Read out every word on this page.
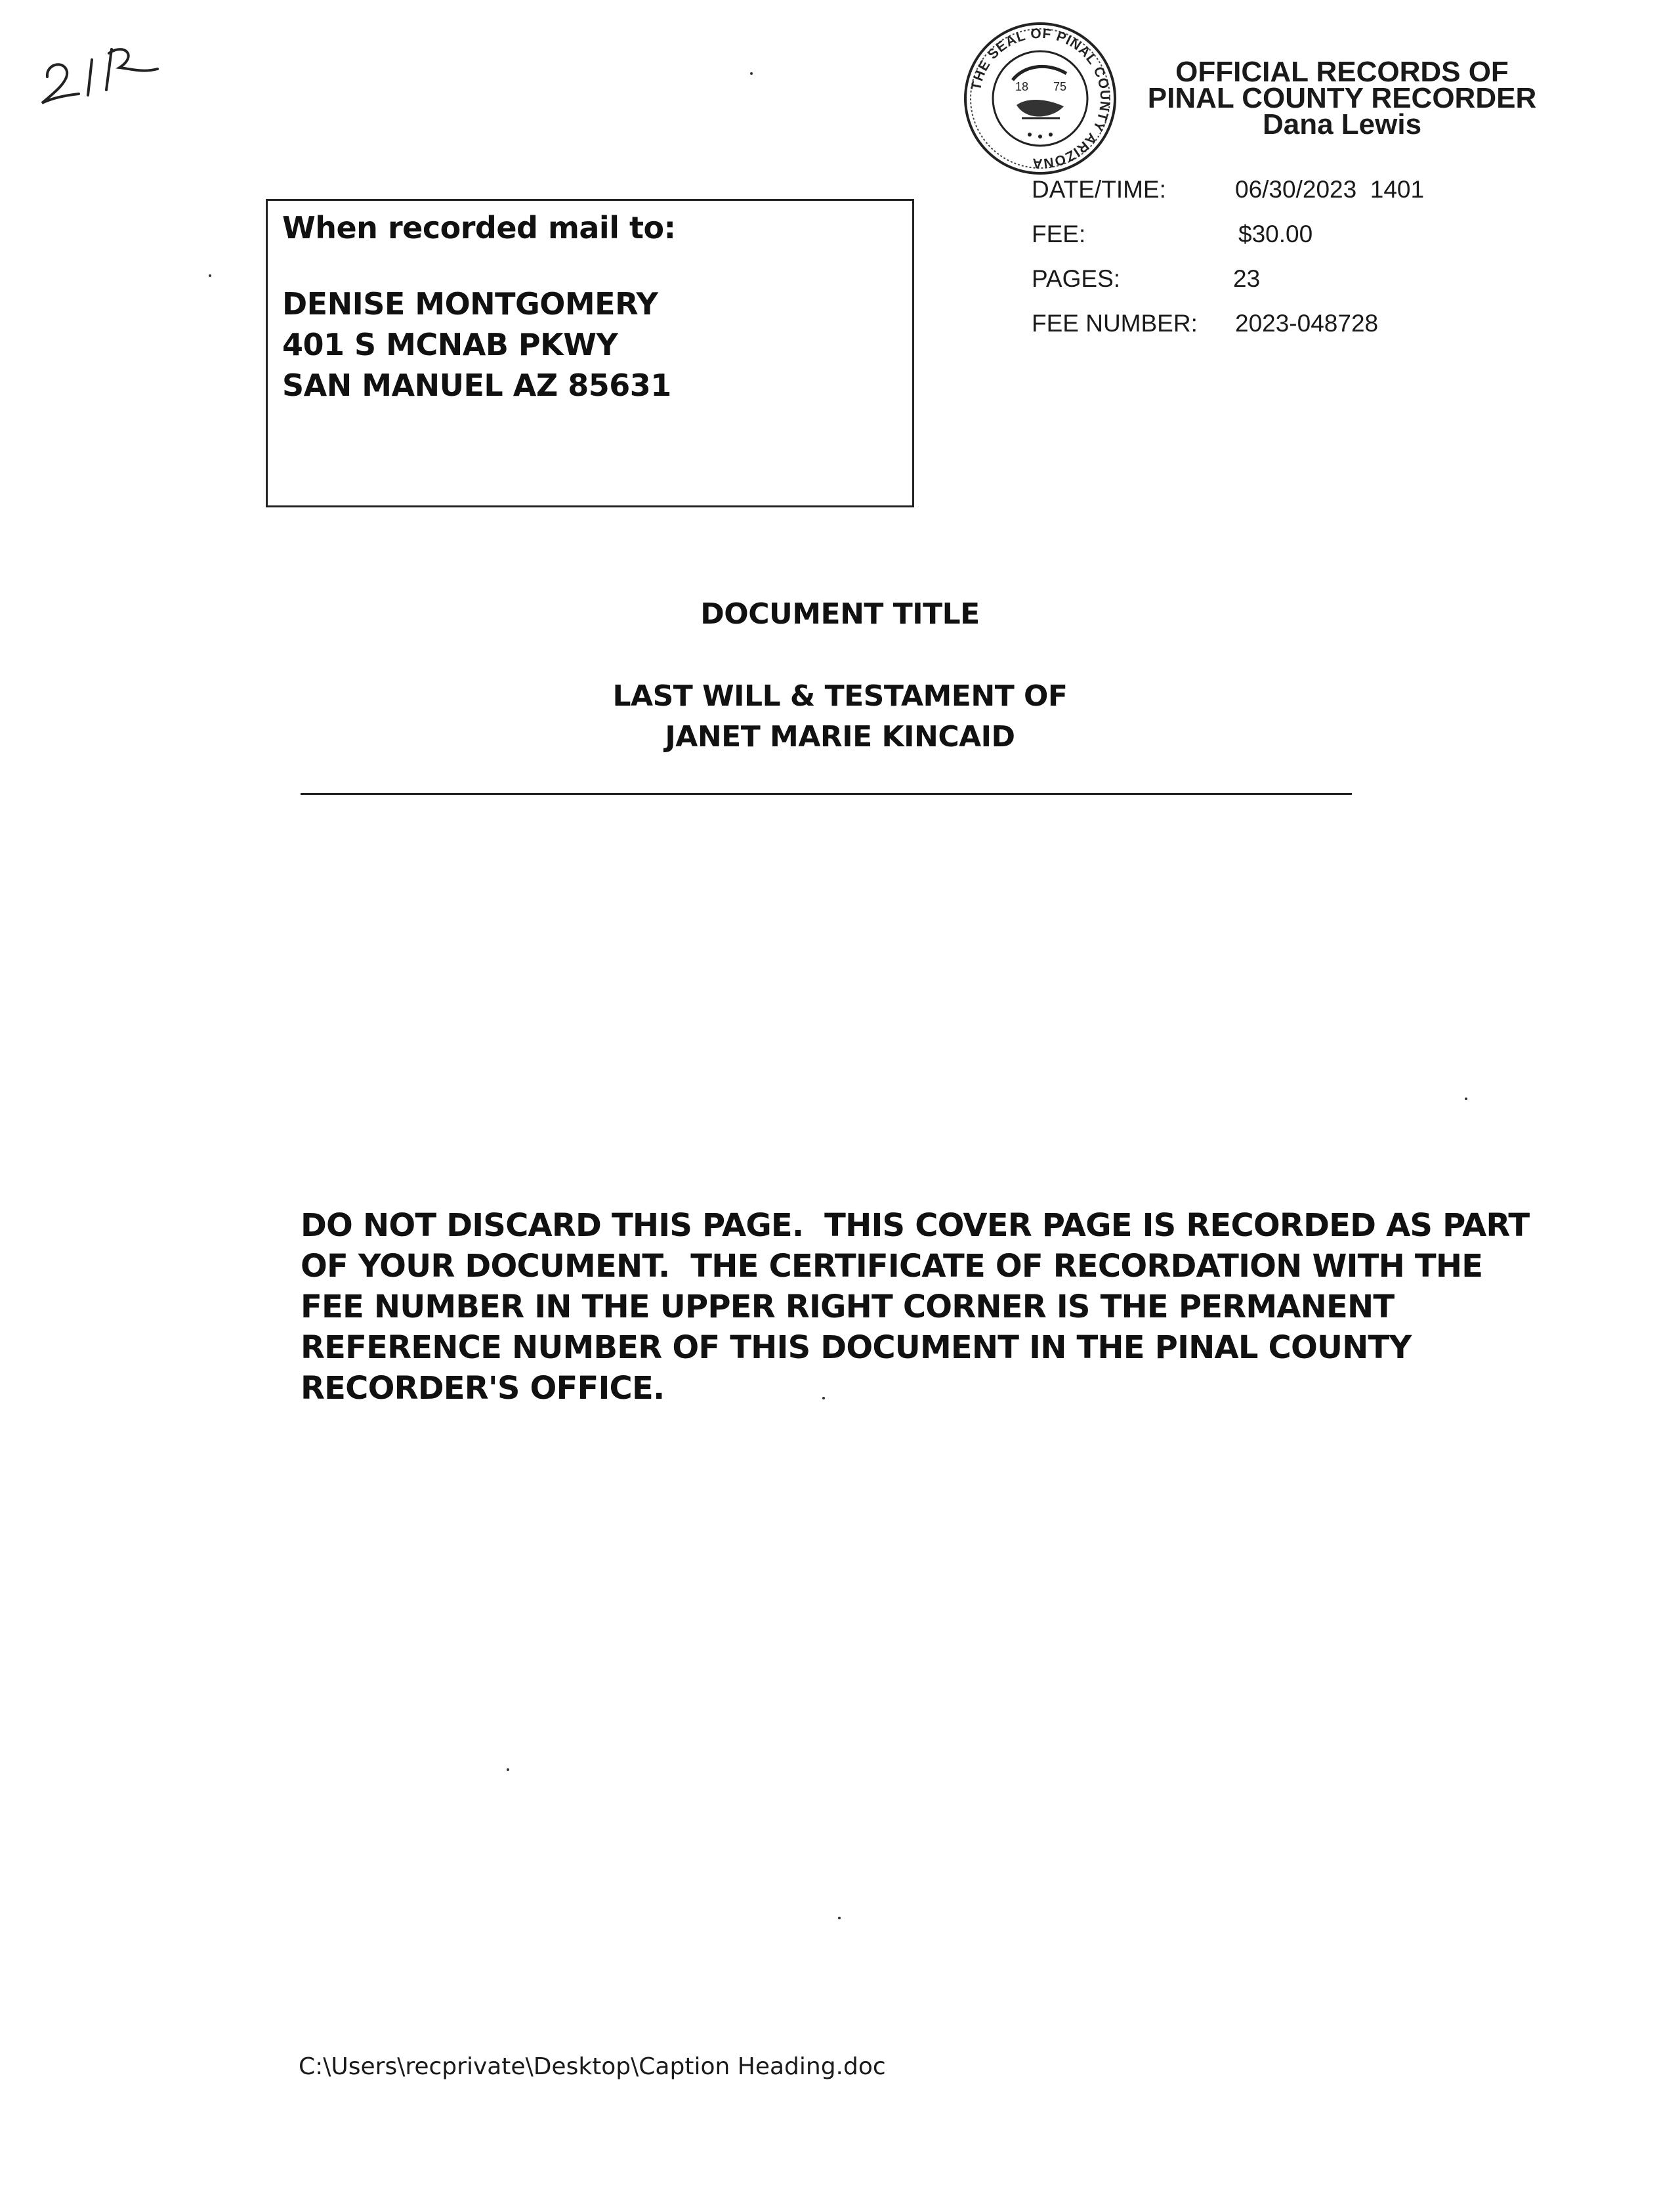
THE SEAL OF PINAL COUNTY ARIZONA
18 75	OFFICIAL RECORDS OF
PINAL COUNTY RECORDER
Dana Lewis
DATE/TIME:	06/30/2023  1401
FEE:	$30.00
PAGES:	23
FEE NUMBER: 2023-048728
When recorded mail to:
DENISE MONTGOMERY
401 S MCNAB PKWY
SAN MANUEL AZ 85631
DOCUMENT TITLE
LAST WILL & TESTAMENT OF
JANET MARIE KINCAID
DO NOT DISCARD THIS PAGE.  THIS COVER PAGE IS RECORDED AS PART
OF YOUR DOCUMENT.  THE CERTIFICATE OF RECORDATION WITH THE
FEE NUMBER IN THE UPPER RIGHT CORNER IS THE PERMANENT
REFERENCE NUMBER OF THIS DOCUMENT IN THE PINAL COUNTY
RECORDER'S OFFICE.
C:\Users\recprivate\Desktop\Caption Heading.doc
